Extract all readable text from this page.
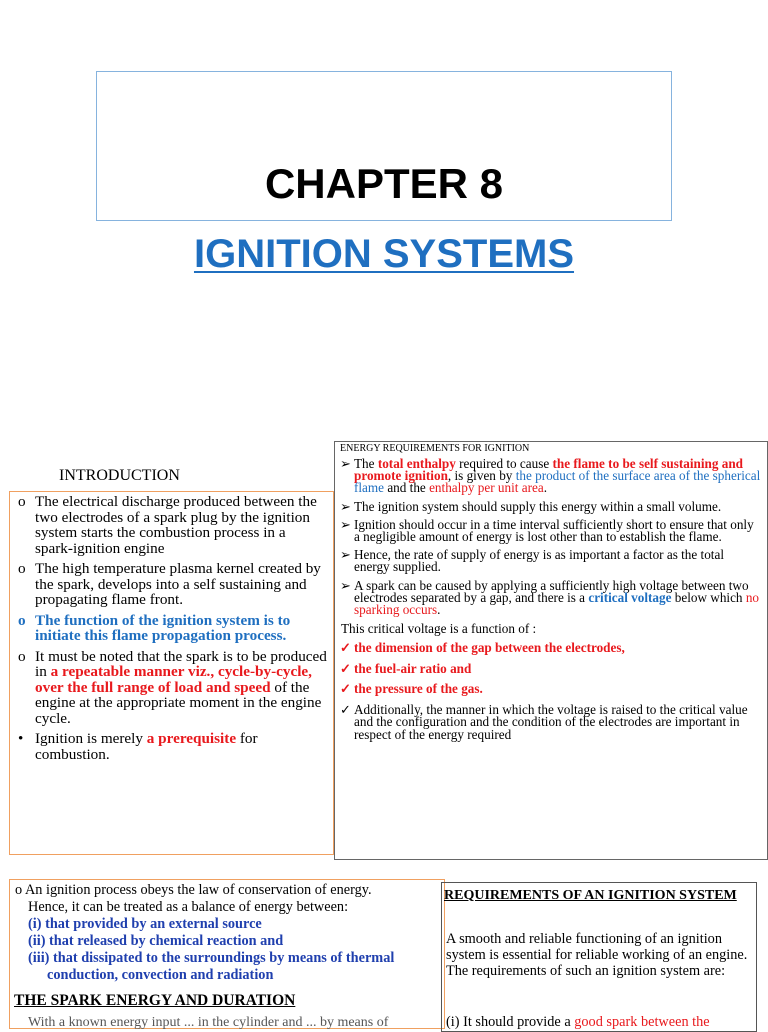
CHAPTER 8
IGNITION SYSTEMS
INTRODUCTION
o The electrical discharge produced between the two electrodes of a spark plug by the ignition system starts the combustion process in a spark-ignition engine
o The high temperature plasma kernel created by the spark, develops into a self sustaining and propagating flame front.
o The function of the ignition system is to initiate this flame propagation process.
o It must be noted that the spark is to be produced in a repeatable manner viz., cycle-by-cycle, over the full range of load and speed of the engine at the appropriate moment in the engine cycle.
• Ignition is merely a prerequisite for combustion.
ENERGY REQUIREMENTS FOR IGNITION
➢ The total enthalpy required to cause the flame to be self sustaining and promote ignition, is given by the product of the surface area of the spherical flame and the enthalpy per unit area.
➢ The ignition system should supply this energy within a small volume.
➢ Ignition should occur in a time interval sufficiently short to ensure that only a negligible amount of energy is lost other than to establish the flame.
➢ Hence, the rate of supply of energy is as important a factor as the total energy supplied.
➢ A spark can be caused by applying a sufficiently high voltage between two electrodes separated by a gap, and there is a critical voltage below which no sparking occurs.
This critical voltage is a function of :
✓ the dimension of the gap between the electrodes,
✓ the fuel-air ratio and
✓ the pressure of the gas.
✓ Additionally, the manner in which the voltage is raised to the critical value and the configuration and the condition of the electrodes are important in respect of the energy required
o An ignition process obeys the law of conservation of energy.
Hence, it can be treated as a balance of energy between:
(i) that provided by an external source
(ii) that released by chemical reaction and
(iii) that dissipated to the surroundings by means of thermal
conduction, convection and radiation
THE SPARK ENERGY AND DURATION
With a known energy input ... in the cylinder and ... by means of
REQUIREMENTS OF AN IGNITION SYSTEM
A smooth and reliable functioning of an ignition system is essential for reliable working of an engine. The requirements of such an ignition system are:
(i) It should provide a good spark between the
